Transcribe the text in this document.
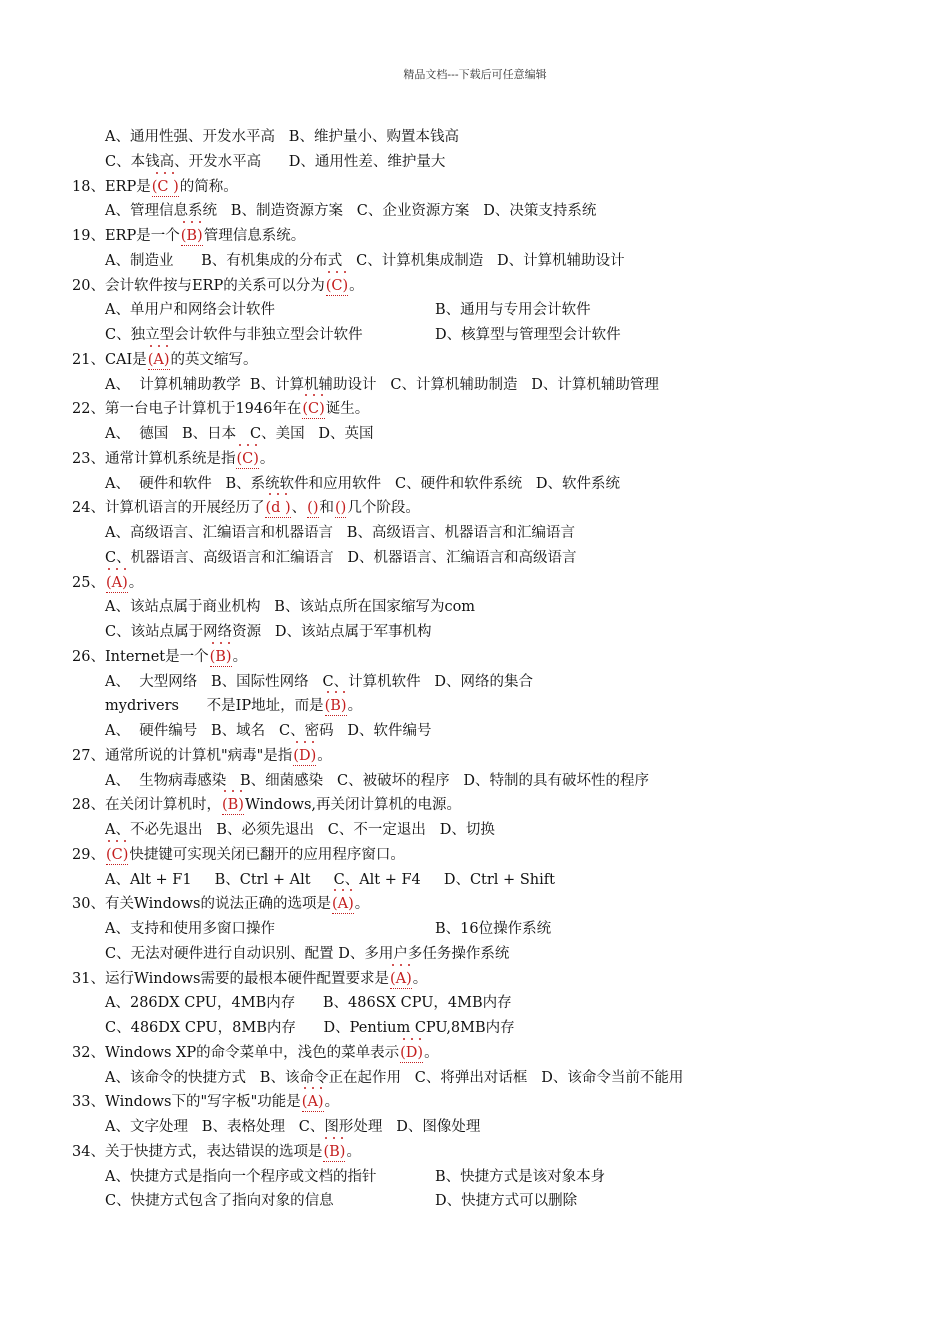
精品文档---下载后可任意编辑
A、通用性强、开发水平高   B、维护量小、购置本钱高
C、本钱高、开发水平高      D、通用性差、维护量大
18、ERP是
(C )的简称。
A、管理信息系统   B、制造资源方案   C、企业资源方案   D、决策支持系统
19、ERP是一个
(B)管理信息系统。
A、制造业      B、有机集成的分布式   C、计算机集成制造   D、计算机辅助设计
20、会计软件按与ERP的关系可以分为
(C)。
A、单用户和网络会计软件	B、通用与专用会计软件
C、独立型会计软件与非独立型会计软件	D、核算型与管理型会计软件
21、CAI是
(A)的英文缩写。
A、  计算机辅助教学  B、计算机辅助设计   C、计算机辅助制造   D、计算机辅助管理
22、第一台电子计算机于1946年在
(C)诞生。
A、  德国   B、日本   C、美国   D、英国
23、通常计算机系统是指
(C)。
A、  硬件和软件   B、系统软件和应用软件   C、硬件和软件系统   D、软件系统
24、计算机语言的开展经历了
(d )、
()和
()几个阶段。
A、高级语言、汇编语言和机器语言   B、高级语言、机器语言和汇编语言
C、机器语言、高级语言和汇编语言   D、机器语言、汇编语言和高级语言
25、
(A)。
A、该站点属于商业机构   B、该站点所在国家缩写为com
C、该站点属于网络资源   D、该站点属于军事机构
26、Internet是一个
(B)。
A、  大型网络   B、国际性网络   C、计算机软件   D、网络的集合
mydrivers      不是IP地址，而是
(B)。
A、  硬件编号   B、域名   C、密码   D、软件编号
27、通常所说的计算机"病毒"是指
(D)。
A、  生物病毒感染   B、细菌感染   C、被破坏的程序   D、特制的具有破坏性的程序
28、在关闭计算机时，
(B)Windows,再关闭计算机的电源。
A、不必先退出   B、必须先退出   C、不一定退出   D、切换
29、
(C)快捷键可实现关闭已翻开的应用程序窗口。
A、Alt + F1     B、Ctrl + Alt     C、Alt + F4     D、Ctrl + Shift
30、有关Windows的说法正确的选项是
(A)。
A、支持和使用多窗口操作	B、16位操作系统
C、无法对硬件进行自动识别、配置 D、多用户多任务操作系统
31、运行Windows需要的最根本硬件配置要求是
(A)。
A、286DX CPU，4MB内存      B、486SX CPU，4MB内存
C、486DX CPU，8MB内存      D、Pentium CPU,8MB内存
32、Windows XP的命令菜单中，浅色的菜单表示
(D)。
A、该命令的快捷方式   B、该命令正在起作用   C、将弹出对话框   D、该命令当前不能用
33、Windows下的"写字板"功能是
(A)。
A、文字处理   B、表格处理   C、图形处理   D、图像处理
34、关于快捷方式，表达错误的选项是
(B)。
A、快捷方式是指向一个程序或文档的指针	B、快捷方式是该对象本身
C、快捷方式包含了指向对象的信息	D、快捷方式可以删除
